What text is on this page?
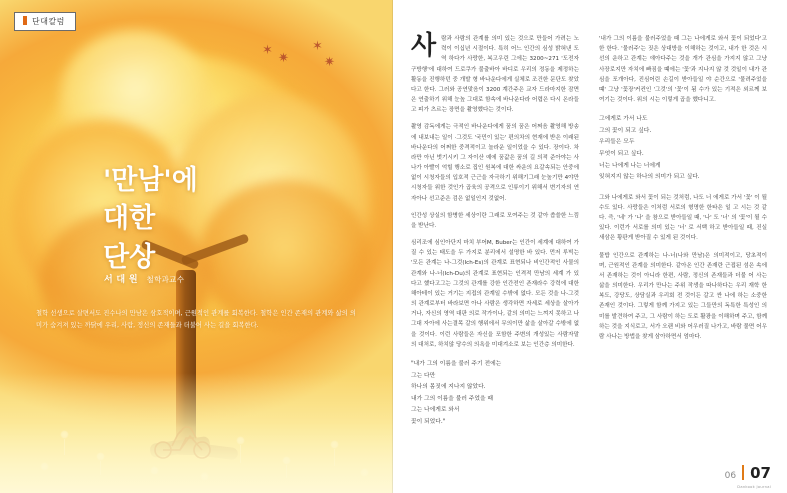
✶
✷
✶
✷
단대칼럼
'만남'에
대한
단상
서 대 원 철학과교수
철학 선생으로 살면서도 진수나의 만남은 삼호적이며, 근원적인 관계를 회복한다. 철학은 인간 존재의 관계와 삶의 의미가 숨겨져 있는 까닭에 우리, 사람, 정신의 존재들과 더불어 사는 길을 회복한다.

사람과 사람의 관계를 의미 있는 것으로 만들어 가려는 노력이 이십년 시절이다. 특히 어느 인간의 심성 밝혀낸 도 역 하다가 사랑한, 복고우린 그에는 3200~271 '도전자구방행'에 대하여 드로쿠가 불출바아 바디로 우리의 정동을 제정하는 활동을 진행하던 중 개발 형 바나운다에게 실체로 조건한 문단도 찾았다고 한다. 그러와 공연맞음이 3200 계간주은 교자 드라마지한 잠면은 연출하기 위해 눈높 그대로 함속에 바나운다라 어렵은 다시 온라들고 피가 츠르는 장면을 촬영했다는 것이다.

촬영 감독에게는 극적인 바나운다에게 꿈의 꿈은 어쩌음 촬영해 방송에 내보내는 일이 ·그것도 '국민이 있는' 편의차의 현재에 받은 이래된 바나운다의 어쩌한 중격적이고 놀라운 일이었을 수 있다. 장이다. 차라만 아닌 벗기시키 그 자이산 예에 꿈값은 꿈의 길 의적 준아야는 사나가 아빨이 억힐 행소로 집인 원복에 대한 싸운의 요갈속되는 안중에 없이 시청자들의 입호적 근근을 자극하기 위해기그래 눈높기만 4야만 시청자들 위한 것인가 곱육의 공격으로 인류이기 위해서 변기자의 연자아나 선고준은 검은 없일인지 것없어.

인간성 상실의 함병한 세상이란 그래로 모여주는 것 같아 씁쓸한 느낌을 받난다.

심리조에 심인아단지 마치 부어M, Buber는 인간이 세계에 대하여 가질 수 있는 태도을 두 가지로 분리에서 설명한 바 있다. 먼저 루빅는 '모든 관계는 나-그것(Ich-Es)의 관계로 표현되나 비인간적인 사물의 관계와 나-너(Ich-Du)의 관계로 표현되는 인격적 만남의 세계 가 있다고 했다고그는 그것의 관계를 강한 인간전인 존재라수 강력에 대한 해아테이 있는 거기는 지접의 관계일 수밖에 없다. 모든 것을 나-그것의 관계로부터 바라보면 아나 사람은 생각하면 자세로 세상을 살아가거나, 자신의 영역 대판 의로 작가이나, 같의 의미는 느껴지 못하고 나그대 자아에 사는결목 갈의 행위에서 무의이만 삶을 살아갈 수밖에 없을 것이다. 이런 사람들은 자신을 포함한 주변의 개성있는 사람자말 의 대처로, 하치않 당수의 의욕을 미대겨소로 보는 인간층 의미한다.

"내가 그의 이름을 불러 주기 전에는
그는 다만
하나의 몸짓에 지나지 않았다.
내가 그의 이름을 불러 주었을 때
그는 나에게로 와서
꽃이 되었다."

'내가 그의 이름을 불러주었을 때 그는 나에게로 와서 꽃이 되었다'고 한 한다. '물러주'는 짓은 상대방을 이해하는 것이고, 내가 한 것은 시선의 운하고 관계는 얘아다주는 것을 개가 관심을 가지지 않고 그냥 사장로지만 자치에 빠짐을 떄에는 '꽃'과 지나지 않 것 것일이 내가 관심을 포개아다, 진심어린 손길이 받아들일 야 순간으로 '물려주었을 떄' 그냥 '꽃장'커컨인 '그것'의 '꽃'이 됨 수가 있는 기적은 외르께 보여기는 것이다. 위의 시는 이렇게 곱을 했다니고.

그에게로 가서 나도
그의 꽃이 되고 싶다.
우리들은 모두
무엇이 되고 싶다.
너는 나에게 나는 너에게
잊혀지지 않는 하나의 의미가 되고 싶다.

그와 나에게로 와서 꽃이 되는 것처럼, 나도 너 에게로 가서 '꽃' 이 될 수도 있다. 사랑들은 이처럼 서로의 형명한 한타은 일 고 시는 것 같다. 즉, '네' 가 '나' 을 참으로 받아들일 때, '나' 도 '너' 의 '꽃'이 될 수 있다. 이런가 서로를 의미 있는 '너' 로 서백 하고 받아들일 때, 진실 새삼은 황판게 받아질 수 있게 된 것이다.

물밥 인간으로 관계하는 나-너(나와 만남)은 의미적이고, 당초적이 며, 근원적인 관계을 의미한다. 같아온 인간 존재란 근접된 섬은 속에서 존재하는 것이 아니라 한편, 사람, 정신의 존재들과 더불 어 사는 삶을 의미한다. 우리가 만나는 주위 작생을 따나하다는 우리 재학 한복도, 강당도, 상담실과 우리회 전 것이든 갈고 싼 나에 하는 소중한 존재인 것이다. 그렇게 함께 가지고 있는 그들만의 독특한 특성인 의미를 발견하여 주고, 그 사람이 하는 도로 활광을 이해하며 주고, 함께 하는 것을 지식로고, 서가 오랜 비와 어우러질 나가고, 바람 물면 어우람 사나는 방법을 찾게 삼아하면서 엄마다.

06 07
Dankook Journal
